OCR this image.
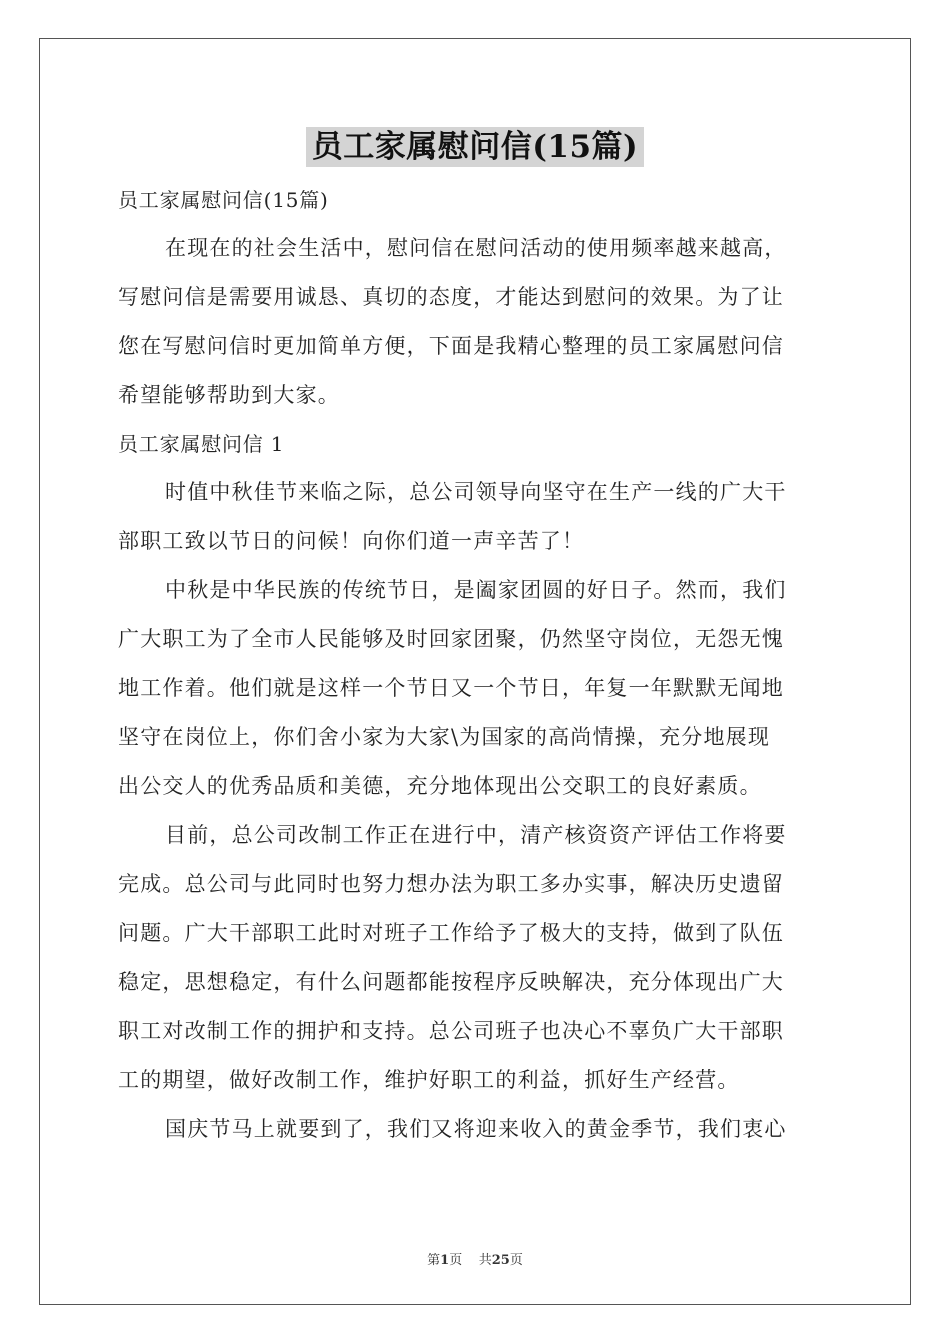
员工家属慰问信(15篇)

员工家属慰问信(15篇)

在现在的社会生活中，慰问信在慰问活动的使用频率越来越高，

写慰问信是需要用诚恳、真切的态度，才能达到慰问的效果。为了让

您在写慰问信时更加简单方便，下面是我精心整理的员工家属慰问信

希望能够帮助到大家。

员工家属慰问信 1

时值中秋佳节来临之际，总公司领导向坚守在生产一线的广大干

部职工致以节日的问候！向你们道一声辛苦了！

中秋是中华民族的传统节日，是阖家团圆的好日子。然而，我们

广大职工为了全市人民能够及时回家团聚，仍然坚守岗位，无怨无愧

地工作着。他们就是这样一个节日又一个节日，年复一年默默无闻地

坚守在岗位上，你们舍小家为大家\为国家的高尚情操，充分地展现

出公交人的优秀品质和美德，充分地体现出公交职工的良好素质。

目前，总公司改制工作正在进行中，清产核资资产评估工作将要

完成。总公司与此同时也努力想办法为职工多办实事，解决历史遗留

问题。广大干部职工此时对班子工作给予了极大的支持，做到了队伍

稳定，思想稳定，有什么问题都能按程序反映解决，充分体现出广大

职工对改制工作的拥护和支持。总公司班子也决心不辜负广大干部职

工的期望，做好改制工作，维护好职工的利益，抓好生产经营。

国庆节马上就要到了，我们又将迎来收入的黄金季节，我们衷心

第1页 共25页
